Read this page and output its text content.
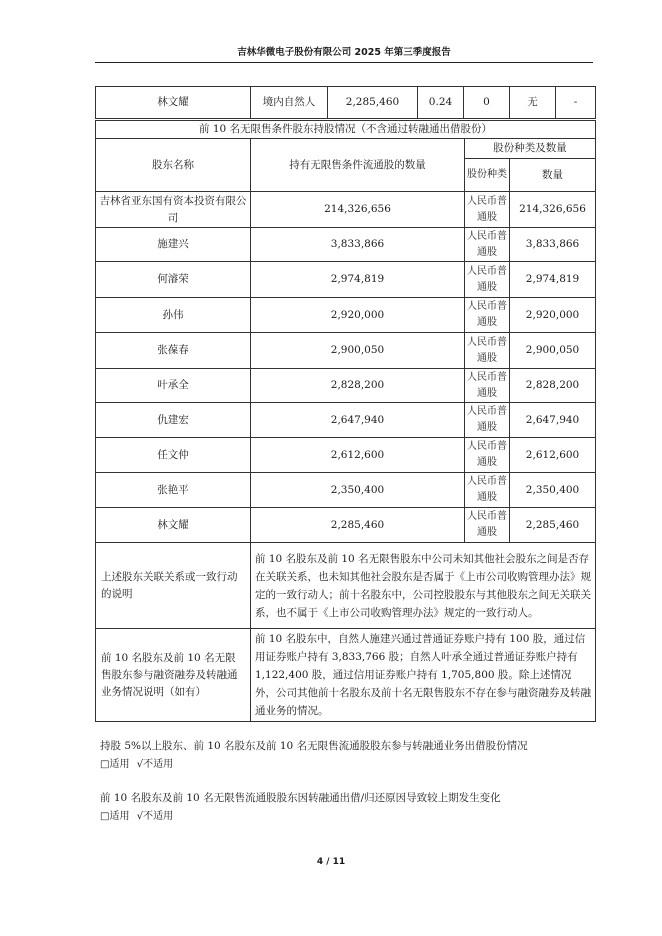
吉林华微电子股份有限公司 2025 年第三季度报告
林文耀	境内自然人	2,285,460	0.24	0	无	-
前 10 名无限售条件股东持股情况（不含通过转融通出借股份）			
股东名称	持有无限售条件流通股的数量	股份种类及数量	
		股份种类	数量
吉林省亚东国有资本投资有限公司	214,326,656	人民币普通股	214,326,656
施建兴	3,833,866	人民币普通股	3,833,866
何濬荣	2,974,819	人民币普通股	2,974,819
孙伟	2,920,000	人民币普通股	2,920,000
张葆春	2,900,050	人民币普通股	2,900,050
叶承全	2,828,200	人民币普通股	2,828,200
仇建宏	2,647,940	人民币普通股	2,647,940
任文仲	2,612,600	人民币普通股	2,612,600
张艳平	2,350,400	人民币普通股	2,350,400
林文耀	2,285,460	人民币普通股	2,285,460
上述股东关联关系或一致行动的说明	前 10 名股东及前 10 名无限售股东中公司未知其他社会股东之间是否存在关联关系，也未知其他社会股东是否属于《上市公司收购管理办法》规定的一致行动人；前十名股东中，公司控股股东与其他股东之间无关联关系，也不属于《上市公司收购管理办法》规定的一致行动人。		
前 10 名股东及前 10 名无限售股东参与融资融券及转融通业务情况说明（如有）	前 10 名股东中，自然人施建兴通过普通证券账户持有 100 股，通过信用证券账户持有 3,833,766 股；自然人叶承全通过普通证券账户持有 1,122,400 股，通过信用证券账户持有 1,705,800 股。除上述情况外，公司其他前十名股东及前十名无限售股东不存在参与融资融券及转融通业务的情况。		
持股 5%以上股东、前 10 名股东及前 10 名无限售流通股股东参与转融通业务出借股份情况
□适用 √不适用
前 10 名股东及前 10 名无限售流通股股东因转融通出借/归还原因导致较上期发生变化
□适用 √不适用
4 / 11
